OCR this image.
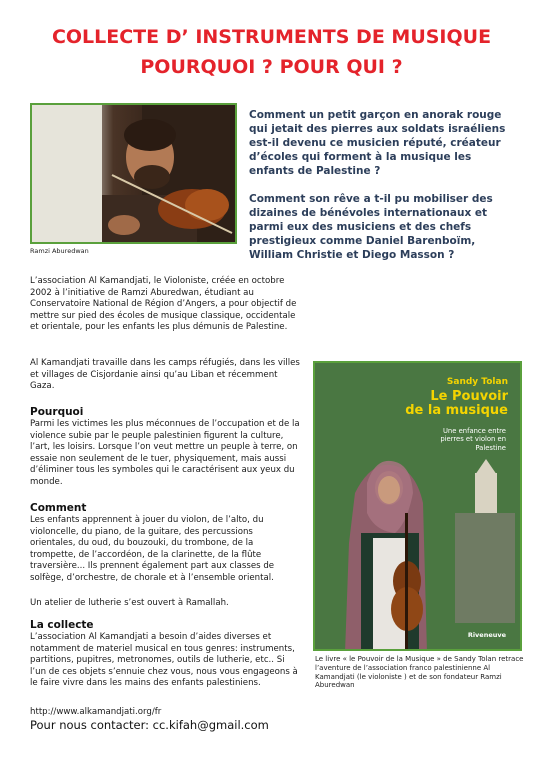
COLLECTE D’ INSTRUMENTS DE MUSIQUE
POURQUOI ? POUR QUI ?
Ramzi Aburedwan

Comment un petit garçon en anorak rouge qui jetait des pierres aux soldats israéliens est-il devenu ce musicien réputé, créateur d’écoles qui forment à la musique les enfants de Palestine ?

Comment son rêve a t-il pu mobiliser des dizaines de bénévoles internationaux et parmi eux des musiciens et des chefs prestigieux comme Daniel Barenboïm, William Christie et Diego Masson ?

L’association Al Kamandjati, le Violoniste, créée en octobre 2002 à l’initiative de Ramzi Aburedwan, étudiant au Conservatoire National de Région d’Angers, a pour objectif de mettre sur pied des écoles de musique classique, occidentale et orientale, pour les enfants les plus démunis de Palestine.

Al Kamandjati travaille dans les camps réfugiés, dans les villes et villages de Cisjordanie ainsi qu’au Liban et récemment Gaza.

Pourquoi

Parmi les victimes les plus méconnues de l’occupation et de la violence subie par le peuple palestinien figurent la culture, l’art, les loisirs. Lorsque l’on veut mettre un peuple à terre, on essaie non seulement de le tuer, physiquement, mais aussi d’éliminer tous les symboles qui le caractérisent aux yeux du monde.

Comment

Les enfants apprennent à jouer du violon, de l’alto, du violoncelle, du piano, de la guitare, des percussions orientales, du oud, du bouzouki, du trombone, de la trompette, de l’accordéon, de la clarinette, de la flûte traversière... Ils prennent également part aux classes de solfège, d’orchestre, de chorale et à l’ensemble oriental.

Un atelier de lutherie s’est ouvert à Ramallah.

La collecte

L’association Al Kamandjati a besoin d’aides diverses et notamment de materiel musical en tous genres: instruments, partitions, pupitres, metronomes, outils de lutherie, etc.. Si l’un de ces objets s’ennuie chez vous, nous vous engageons à le faire vivre dans les mains des enfants palestiniens.

Sandy Tolan
Le Pouvoir
de la musique
Une enfance entre pierres et violon en Palestine
Riveneuve
Le livre « le Pouvoir de la Musique » de Sandy Tolan retrace l’aventure de l’association franco palestinienne Al Kamandjati (le violoniste ) et de son fondateur Ramzi Aburedwan
http://www.alkamandjati.org/fr
Pour nous contacter: cc.kifah@gmail.com
